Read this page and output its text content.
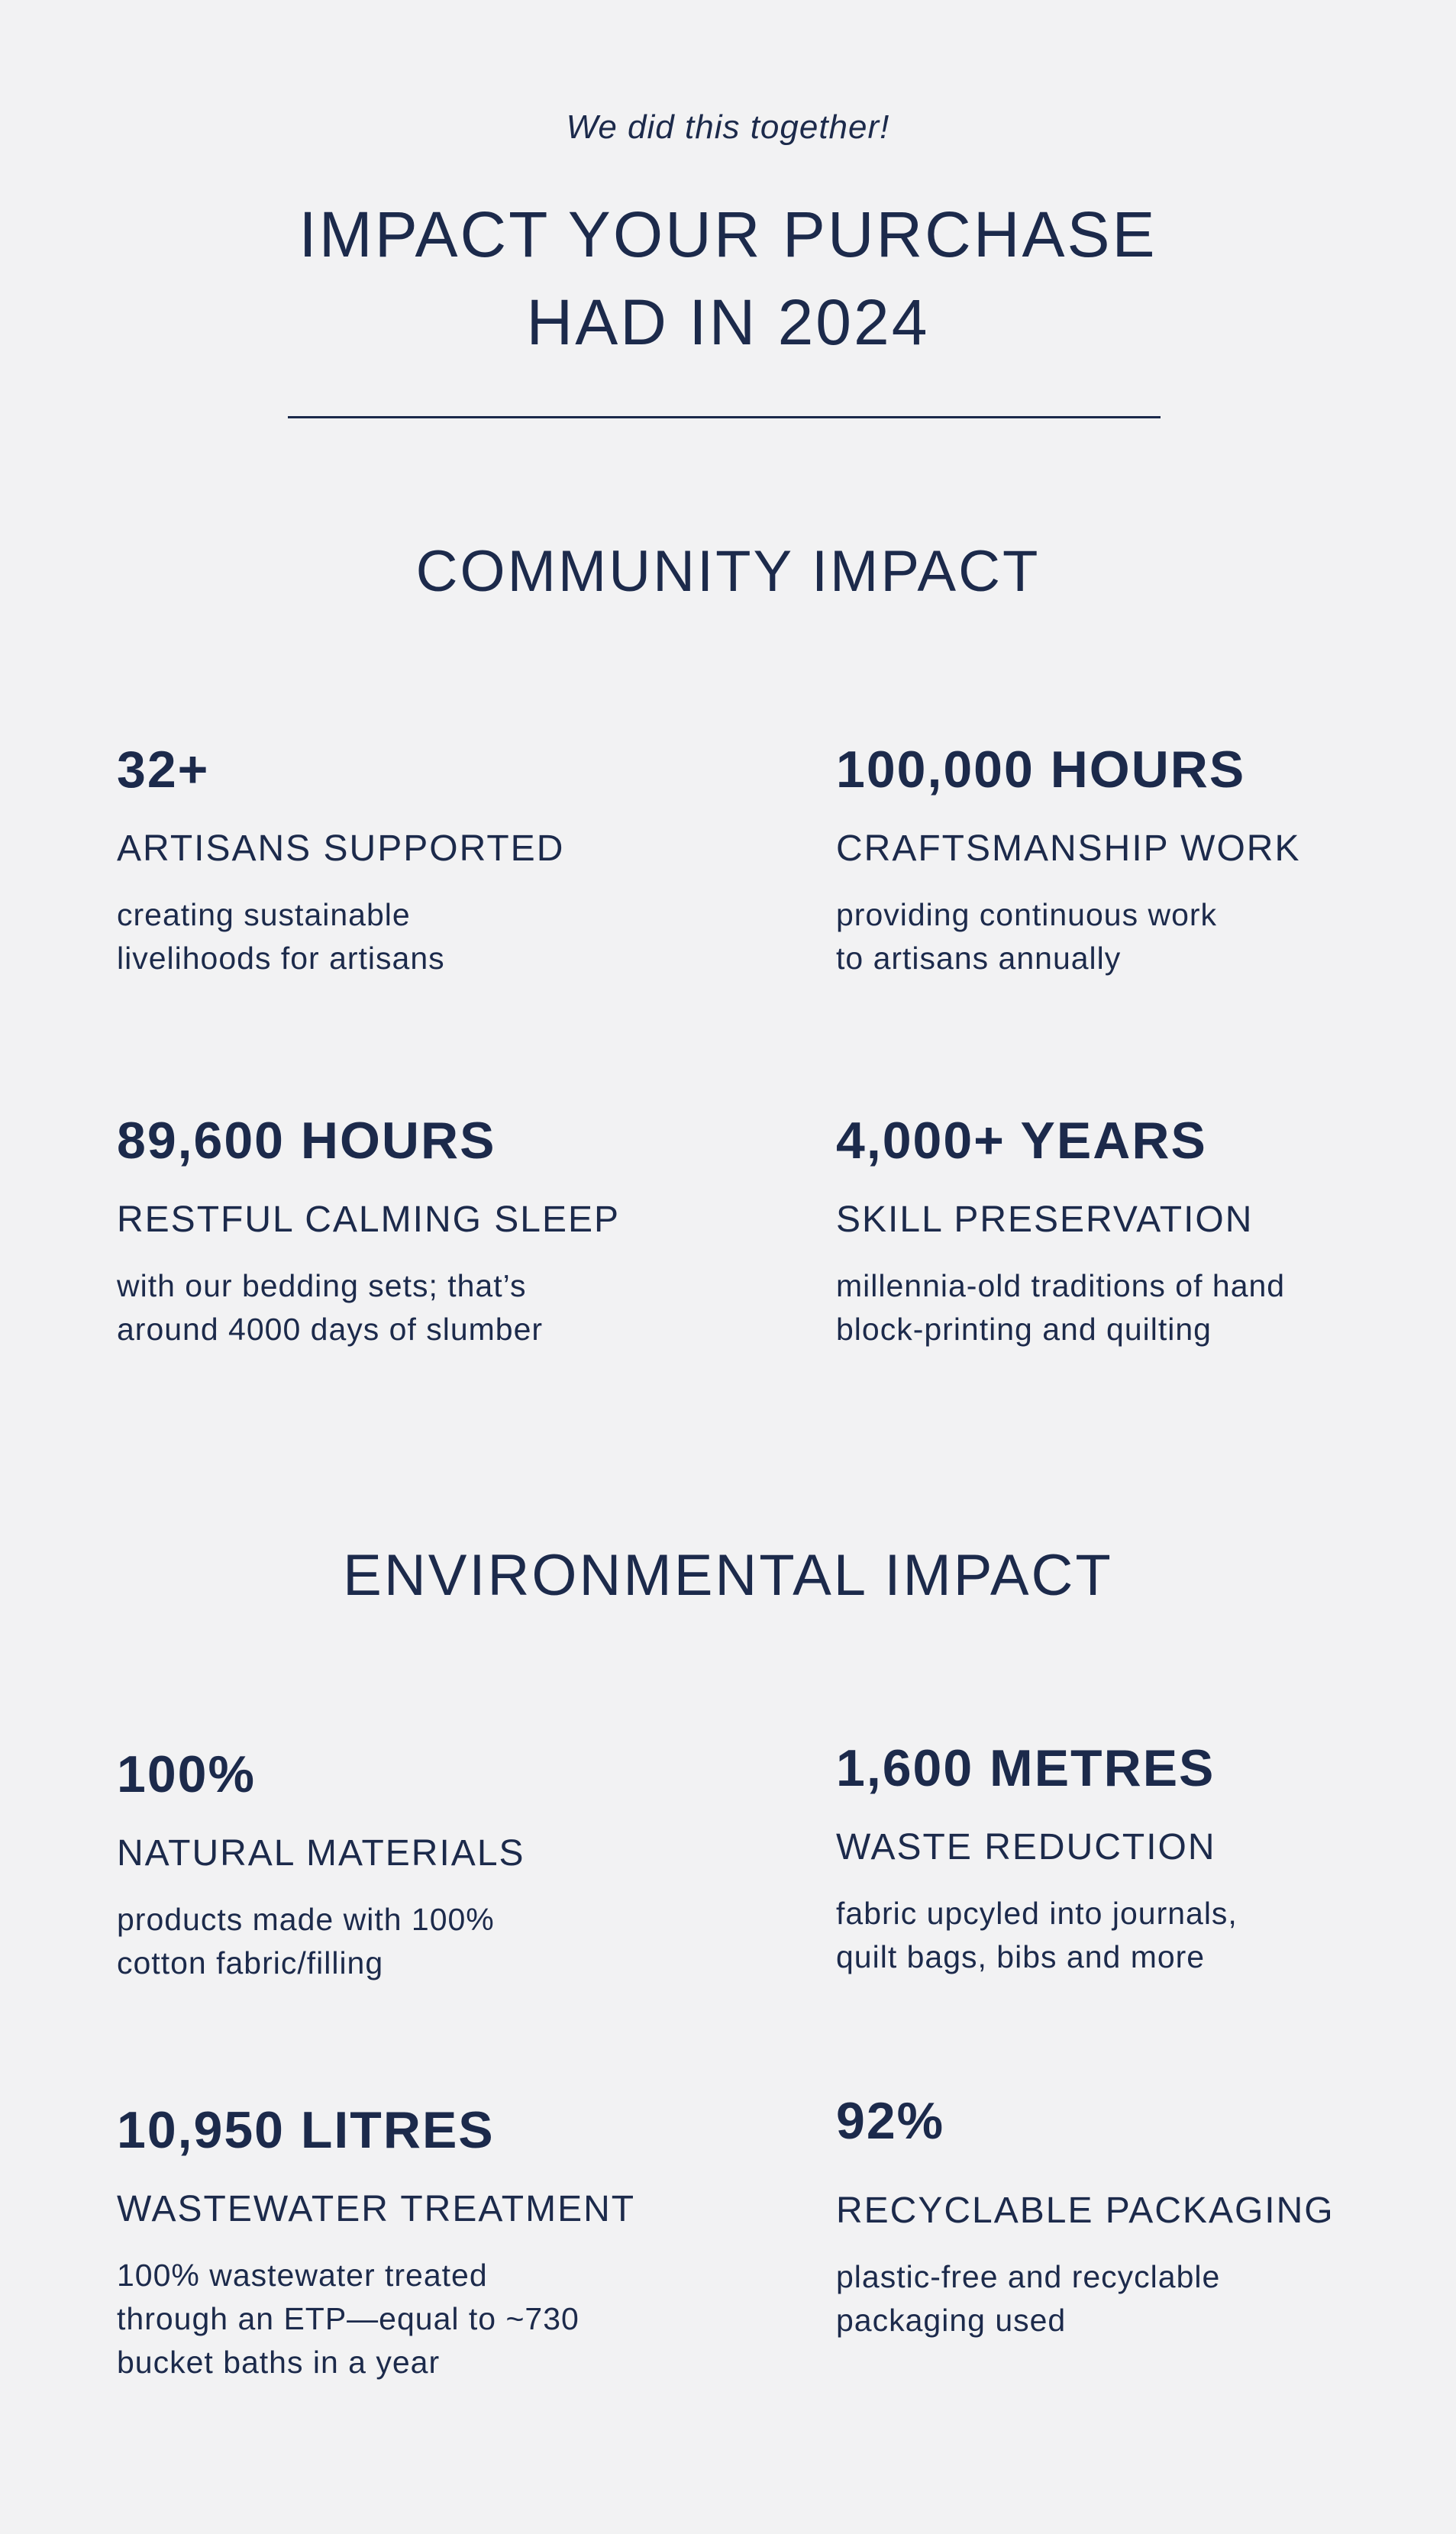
We did this together!
IMPACT YOUR PURCHASE
HAD IN 2024
COMMUNITY IMPACT
32+
ARTISANS SUPPORTED
creating sustainable
livelihoods for artisans
100,000 HOURS
CRAFTSMANSHIP WORK
providing continuous work
to artisans annually
89,600 HOURS
RESTFUL CALMING SLEEP
with our bedding sets; that’s
around 4000 days of slumber
4,000+ YEARS
SKILL PRESERVATION
millennia-old traditions of hand
block-printing and quilting
ENVIRONMENTAL IMPACT
100%
NATURAL MATERIALS
products made with 100%
cotton fabric/filling
1,600 METRES
WASTE REDUCTION
fabric upcyled into journals,
quilt bags, bibs and more
10,950 LITRES
WASTEWATER TREATMENT
100% wastewater treated
through an ETP—equal to ~730
bucket baths in a year
92%
RECYCLABLE PACKAGING
plastic-free and recyclable
packaging used
